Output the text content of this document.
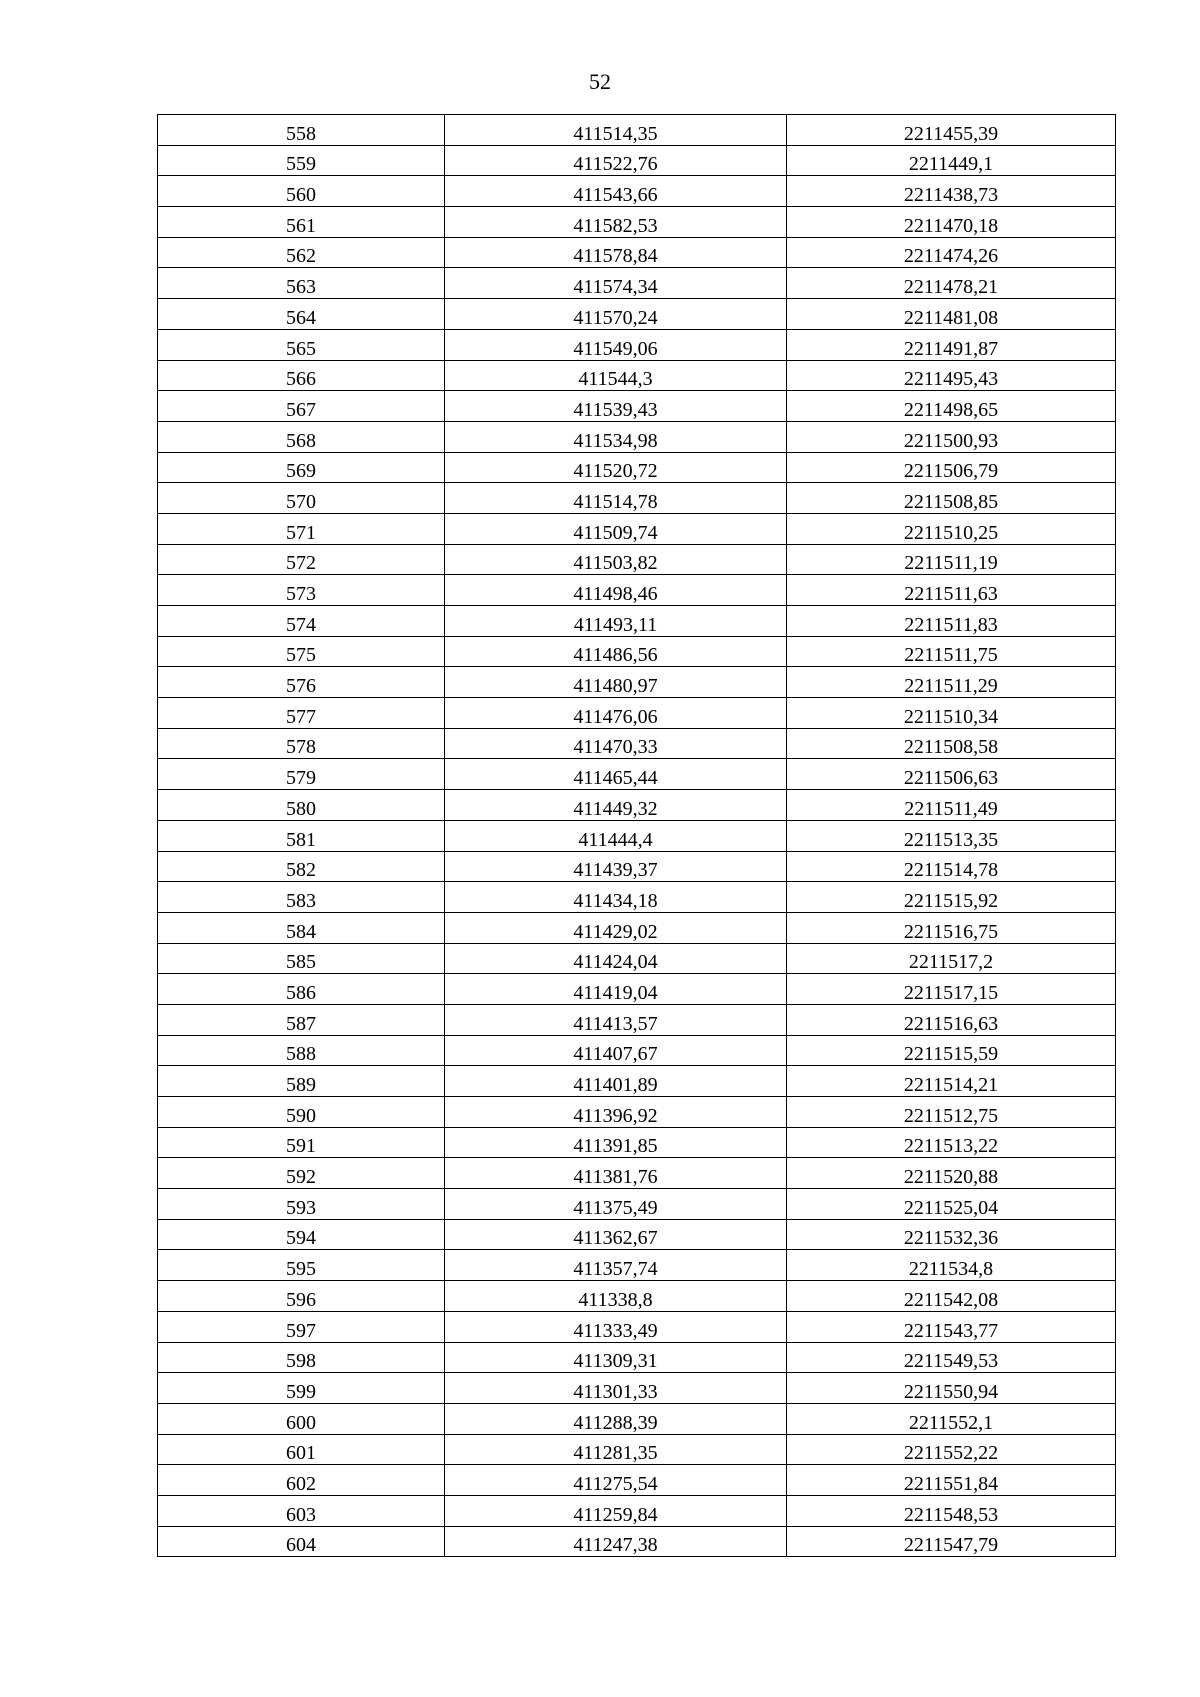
52
558	411514,35	2211455,39
559	411522,76	2211449,1
560	411543,66	2211438,73
561	411582,53	2211470,18
562	411578,84	2211474,26
563	411574,34	2211478,21
564	411570,24	2211481,08
565	411549,06	2211491,87
566	411544,3	2211495,43
567	411539,43	2211498,65
568	411534,98	2211500,93
569	411520,72	2211506,79
570	411514,78	2211508,85
571	411509,74	2211510,25
572	411503,82	2211511,19
573	411498,46	2211511,63
574	411493,11	2211511,83
575	411486,56	2211511,75
576	411480,97	2211511,29
577	411476,06	2211510,34
578	411470,33	2211508,58
579	411465,44	2211506,63
580	411449,32	2211511,49
581	411444,4	2211513,35
582	411439,37	2211514,78
583	411434,18	2211515,92
584	411429,02	2211516,75
585	411424,04	2211517,2
586	411419,04	2211517,15
587	411413,57	2211516,63
588	411407,67	2211515,59
589	411401,89	2211514,21
590	411396,92	2211512,75
591	411391,85	2211513,22
592	411381,76	2211520,88
593	411375,49	2211525,04
594	411362,67	2211532,36
595	411357,74	2211534,8
596	411338,8	2211542,08
597	411333,49	2211543,77
598	411309,31	2211549,53
599	411301,33	2211550,94
600	411288,39	2211552,1
601	411281,35	2211552,22
602	411275,54	2211551,84
603	411259,84	2211548,53
604	411247,38	2211547,79
